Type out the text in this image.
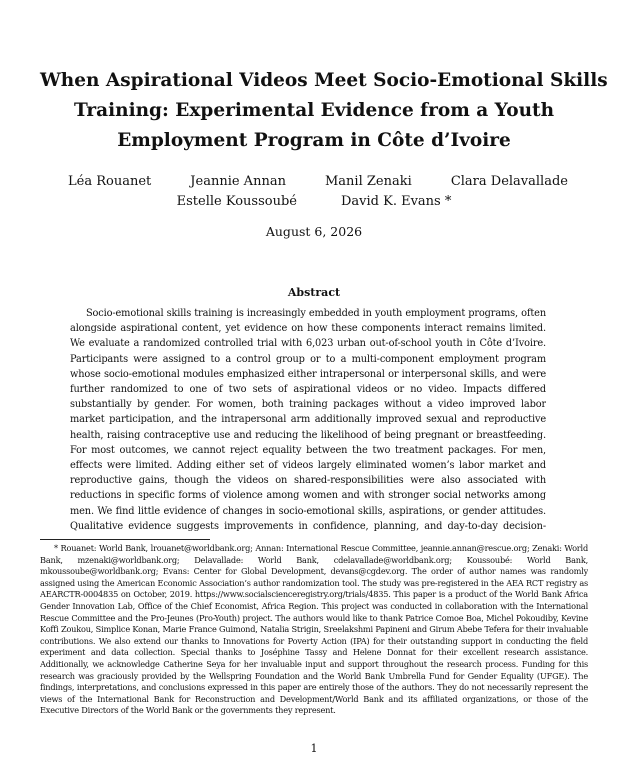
When Aspirational Videos Meet Socio-Emotional Skills
Training: Experimental Evidence from a Youth
Employment Program in Côte d’Ivoire
Léa Rouanet	Jeannie Annan	Manil Zenaki	Clara Delavallade
Estelle Koussoubé	David K. Evans *
August 6, 2026
Abstract

Socio-emotional skills training is increasingly embedded in youth employment programs, often alongside aspirational content, yet evidence on how these components interact remains limited. We evaluate a randomized controlled trial with 6,023 urban out-of-school youth in Côte d’Ivoire. Participants were assigned to a control group or to a multi-component employment program whose socio-emotional modules emphasized either intrapersonal or interpersonal skills, and were further randomized to one of two sets of aspirational videos or no video. Impacts differed substantially by gender. For women, both training packages without a video improved labor market participation, and the intrapersonal arm additionally improved sexual and reproductive health, raising contraceptive use and reducing the likelihood of being pregnant or breastfeeding. For most outcomes, we cannot reject equality between the two treatment packages. For men, effects were limited. Adding either set of videos largely eliminated women’s labor market and reproductive gains, though the videos on shared-responsibilities were also associated with reductions in specific forms of violence among women and with stronger social networks among men. We find little evidence of changes in socio-emotional skills, aspirations, or gender attitudes. Qualitative evidence suggests improvements in confidence, planning, and day-to-day decision-

* Rouanet: World Bank, lrouanet@worldbank.org; Annan: International Rescue Committee, jeannie.annan@rescue.org; Zenaki: World Bank, mzenaki@worldbank.org; Delavallade: World Bank, cdelavallade@worldbank.org; Koussoubé: World Bank, mkoussoube@worldbank.org; Evans: Center for Global Development, devans@cgdev.org. The order of author names was randomly assigned using the American Economic Association’s author randomization tool. The study was pre-registered in the AEA RCT registry as AEARCTR-0004835 on October, 2019. https://www.socialscienceregistry.org/trials/4835. This paper is a product of the World Bank Africa Gender Innovation Lab, Office of the Chief Economist, Africa Region. This project was conducted in collaboration with the International Rescue Committee and the Pro-Jeunes (Pro-Youth) project. The authors would like to thank Patrice Comoe Boa, Michel Pokoudiby, Kevine Koffi Zoukou, Simplice Konan, Marie France Guimond, Natalia Strigin, Sreelakshmi Papineni and Girum Abebe Tefera for their invaluable contributions. We also extend our thanks to Innovations for Poverty Action (IPA) for their outstanding support in conducting the field experiment and data collection. Special thanks to Joséphine Tassy and Helene Donnat for their excellent research assistance. Additionally, we acknowledge Catherine Seya for her invaluable input and support throughout the research process. Funding for this research was graciously provided by the Wellspring Foundation and the World Bank Umbrella Fund for Gender Equality (UFGE). The findings, interpretations, and conclusions expressed in this paper are entirely those of the authors. They do not necessarily represent the views of the International Bank for Reconstruction and Development/World Bank and its affiliated organizations, or those of the Executive Directors of the World Bank or the governments they represent.

1
